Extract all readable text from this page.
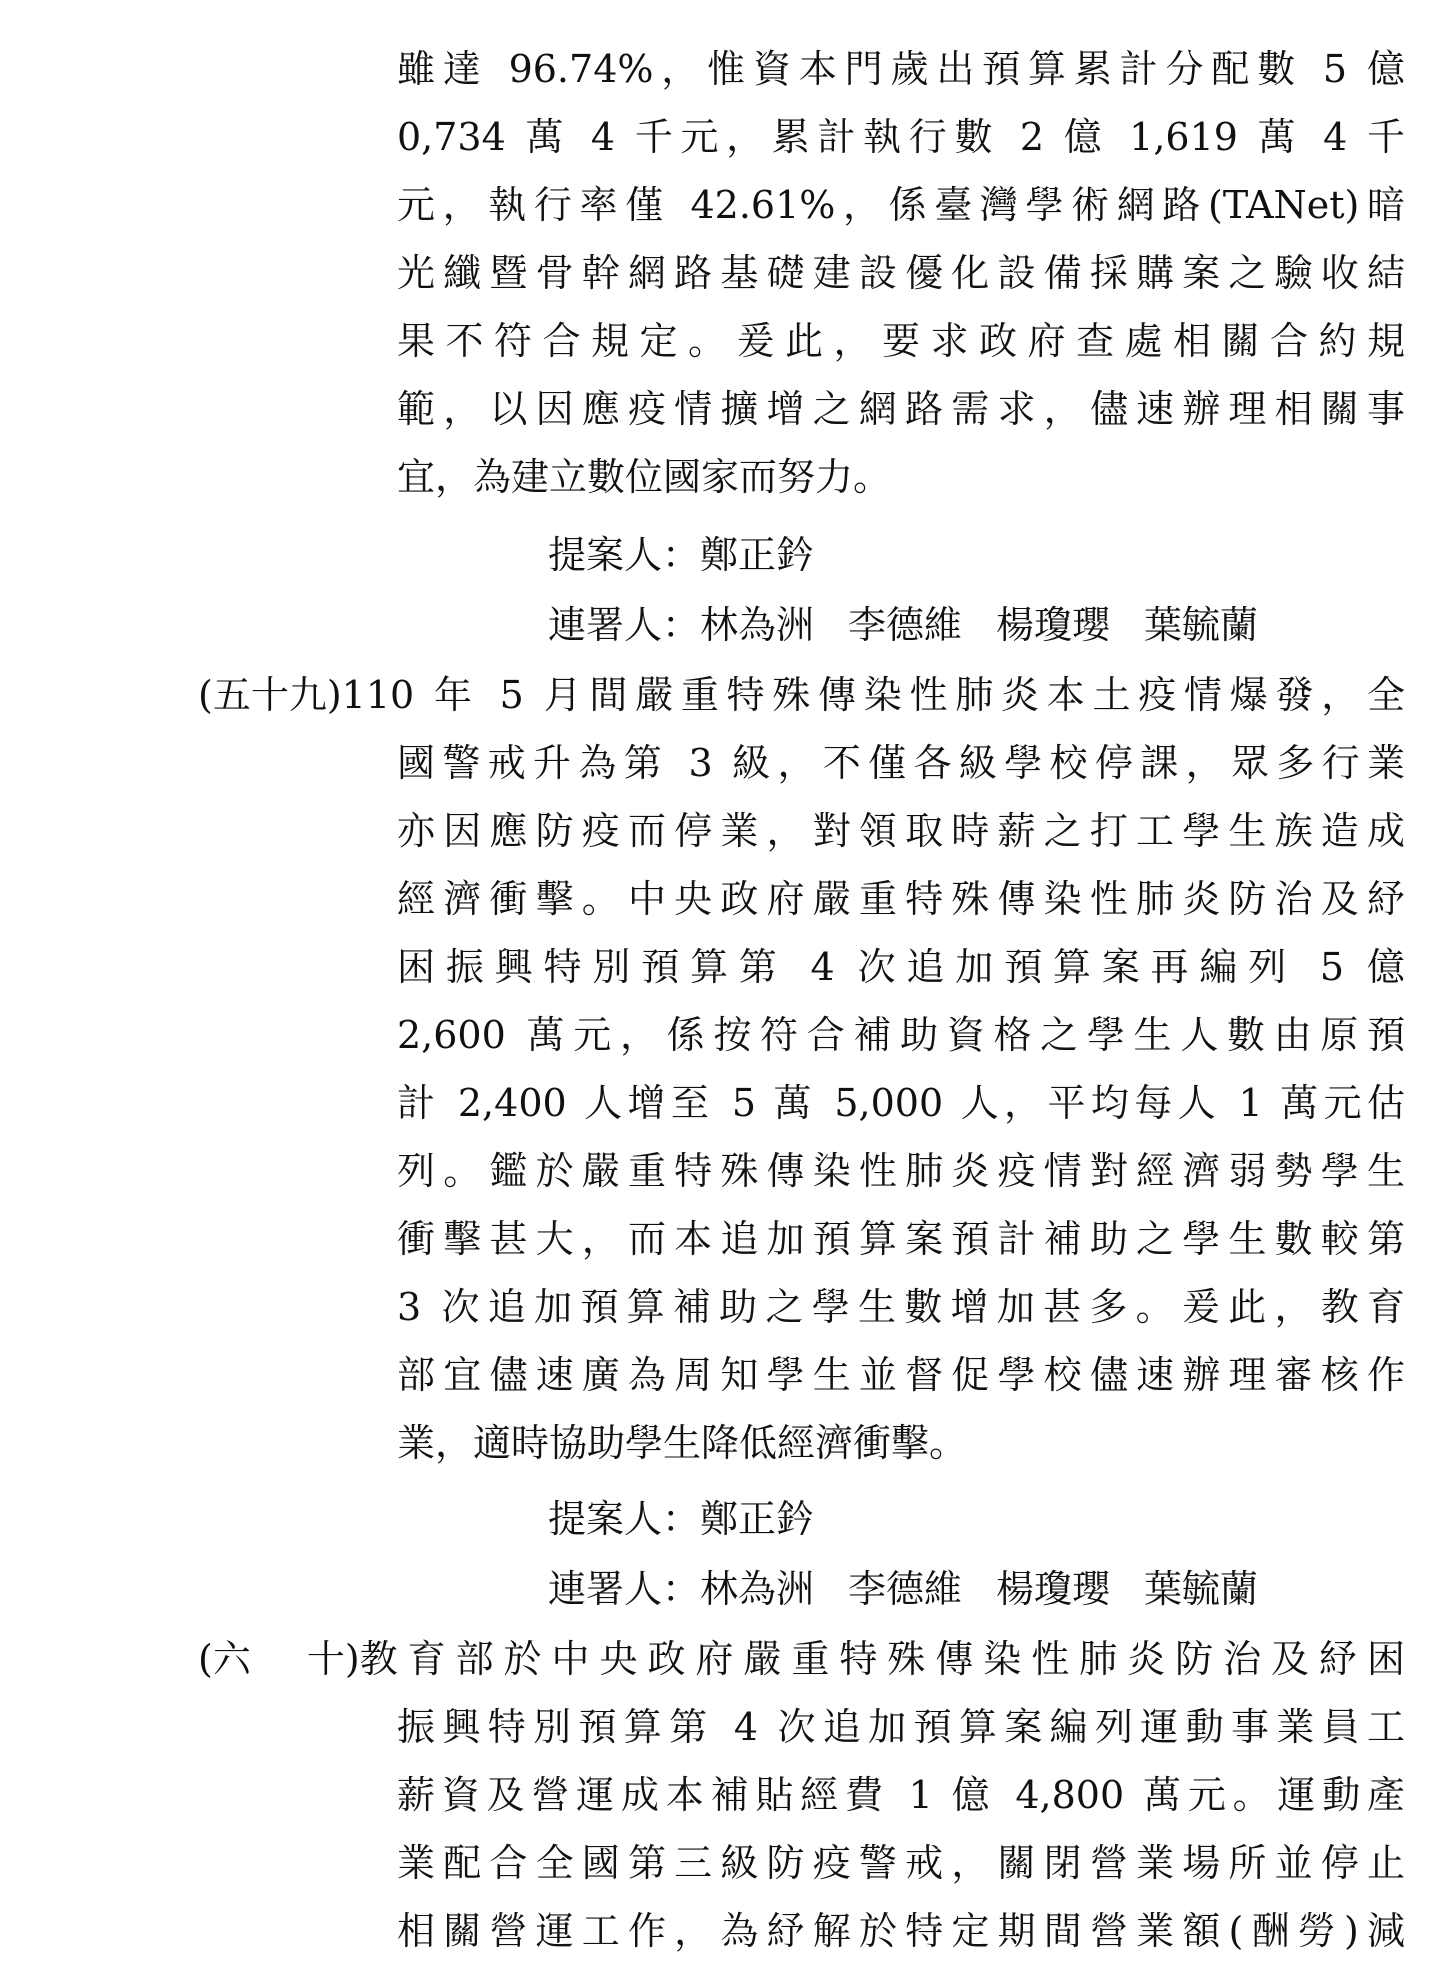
雖達 96.74%，惟資本門歲出預算累計分配數 5 億
0,734 萬 4 千元，累計執行數 2 億 1,619 萬 4 千
元，執行率僅 42.61%，係臺灣學術網路(TANet)暗
光纖暨骨幹網路基礎建設優化設備採購案之驗收結
果不符合規定。爰此，要求政府查處相關合約規
範，以因應疫情擴增之網路需求，儘速辦理相關事
宜，為建立數位國家而努力。
提案人：鄭正鈐
連署人：林為洲 李德維 楊瓊瓔 葉毓蘭
(五十九) 110 年 5 月間嚴重特殊傳染性肺炎本土疫情爆發，全
國警戒升為第 3 級，不僅各級學校停課，眾多行業
亦因應防疫而停業，對領取時薪之打工學生族造成
經濟衝擊。中央政府嚴重特殊傳染性肺炎防治及紓
困振興特別預算第 4 次追加預算案再編列 5 億
2,600 萬元，係按符合補助資格之學生人數由原預
計 2,400 人增至 5 萬 5,000 人，平均每人 1 萬元估
列。鑑於嚴重特殊傳染性肺炎疫情對經濟弱勢學生
衝擊甚大，而本追加預算案預計補助之學生數較第
3 次追加預算補助之學生數增加甚多。爰此，教育
部宜儘速廣為周知學生並督促學校儘速辦理審核作
業，適時協助學生降低經濟衝擊。
提案人：鄭正鈐
連署人：林為洲 李德維 楊瓊瓔 葉毓蘭
(六 十) 教育部於中央政府嚴重特殊傳染性肺炎防治及紓困
振興特別預算第 4 次追加預算案編列運動事業員工
薪資及營運成本補貼經費 1 億 4,800 萬元。運動產
業配合全國第三級防疫警戒，關閉營業場所並停止
相關營運工作，為紓解於特定期間營業額(酬勞)減
